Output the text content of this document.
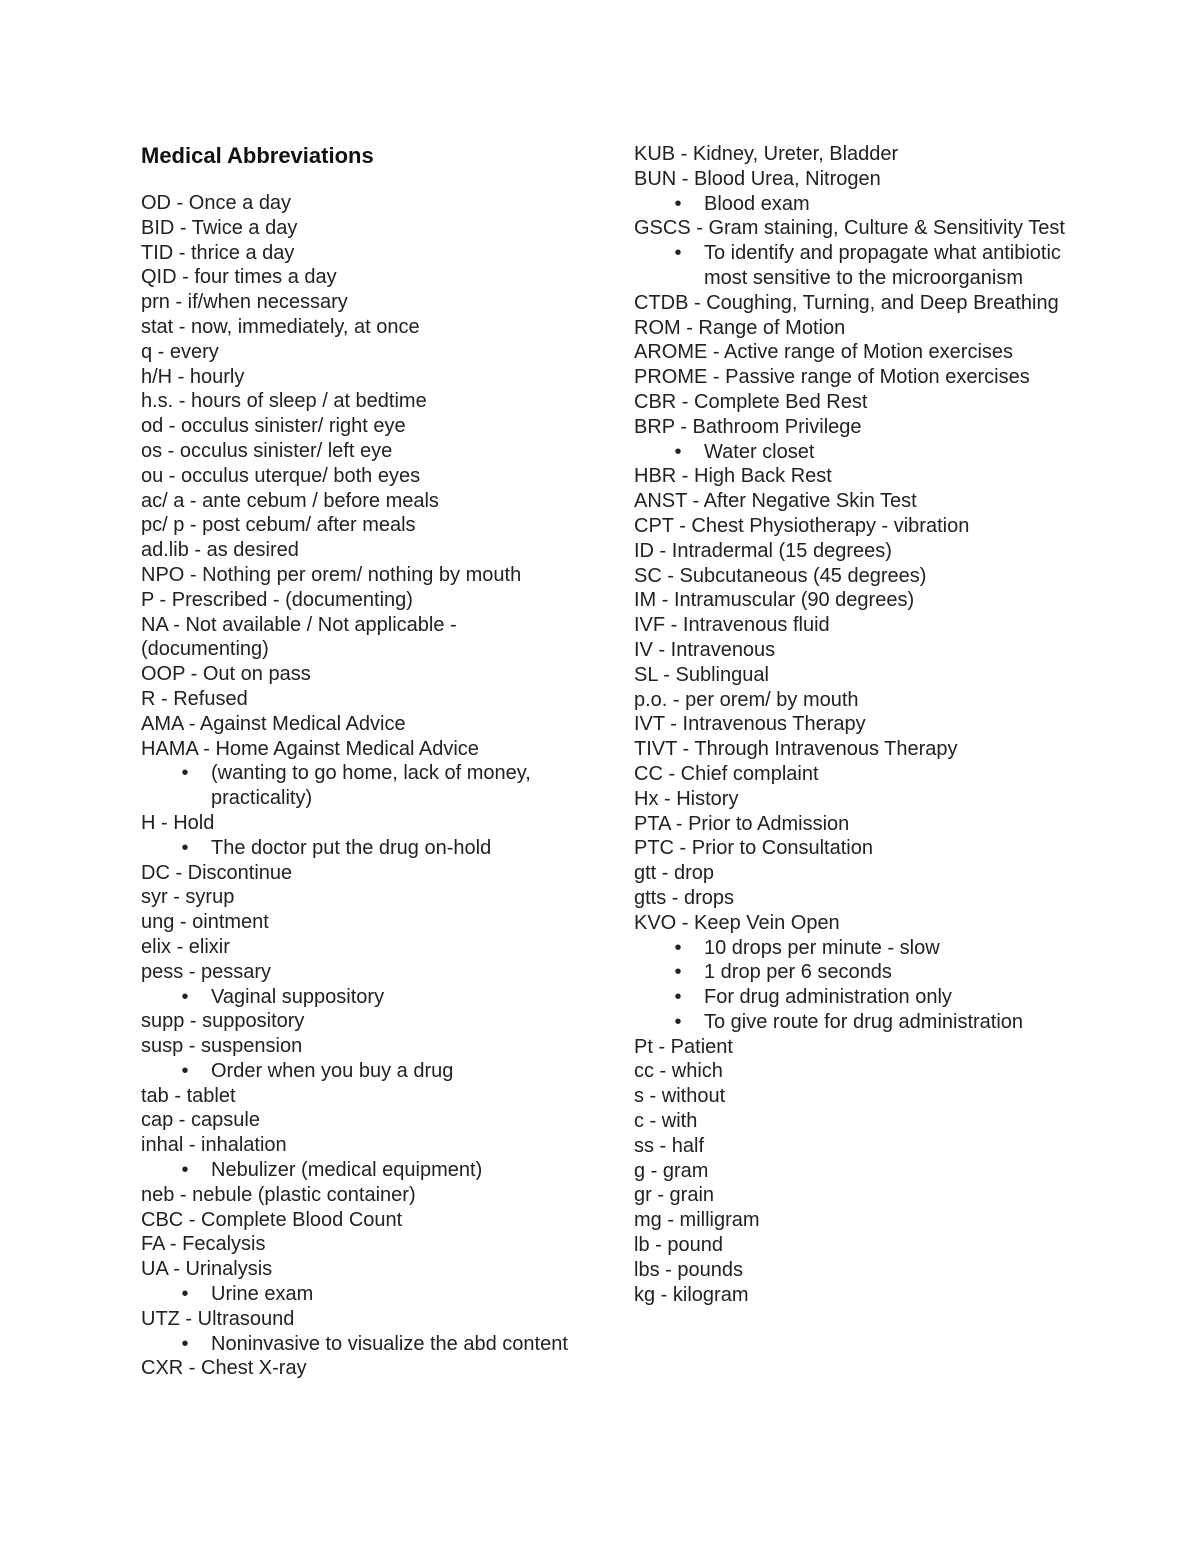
Medical Abbreviations
OD - Once a day
BID - Twice a day
TID - thrice a day
QID - four times a day
prn - if/when necessary
stat - now, immediately, at once
q - every
h/H - hourly
h.s. - hours of sleep / at bedtime
od - occulus sinister/ right eye
os - occulus sinister/ left eye
ou - occulus uterque/ both eyes
ac/ a - ante cebum / before meals
pc/ p - post cebum/ after meals
ad.lib - as desired
NPO - Nothing per orem/ nothing by mouth
P - Prescribed - (documenting)
NA - Not available / Not applicable - (documenting)
OOP - Out on pass
R - Refused
AMA - Against Medical Advice
HAMA - Home Against Medical Advice
•	(wanting to go home, lack of money, practicality)
H - Hold
•	The doctor put the drug on-hold
DC - Discontinue
syr - syrup
ung - ointment
elix - elixir
pess - pessary
•	Vaginal suppository
supp - suppository
susp - suspension
•	Order when you buy a drug
tab - tablet
cap - capsule
inhal - inhalation
•	Nebulizer (medical equipment)
neb - nebule (plastic container)
CBC - Complete Blood Count
FA - Fecalysis
UA - Urinalysis
•	Urine exam
UTZ - Ultrasound
•	Noninvasive to visualize the abd content
CXR - Chest X-ray
KUB - Kidney, Ureter, Bladder
BUN - Blood Urea, Nitrogen
•	Blood exam
GSCS - Gram staining, Culture & Sensitivity Test
•	To identify and propagate what antibiotic most sensitive to the microorganism
CTDB - Coughing, Turning, and Deep Breathing
ROM - Range of Motion
AROME - Active range of Motion exercises
PROME - Passive range of Motion exercises
CBR - Complete Bed Rest
BRP - Bathroom Privilege
•	Water closet
HBR - High Back Rest
ANST - After Negative Skin Test
CPT - Chest Physiotherapy - vibration
ID - Intradermal (15 degrees)
SC - Subcutaneous (45 degrees)
IM - Intramuscular (90 degrees)
IVF - Intravenous fluid
IV - Intravenous
SL - Sublingual
p.o. - per orem/ by mouth
IVT - Intravenous Therapy
TIVT - Through Intravenous Therapy
CC - Chief complaint
Hx - History
PTA - Prior to Admission
PTC - Prior to Consultation
gtt - drop
gtts - drops
KVO - Keep Vein Open
•	10 drops per minute - slow
•	1 drop per 6 seconds
•	For drug administration only
•	To give route for drug administration
Pt - Patient
cc - which
s - without
c - with
ss - half
g - gram
gr - grain
mg - milligram
lb - pound
lbs - pounds
kg - kilogram
